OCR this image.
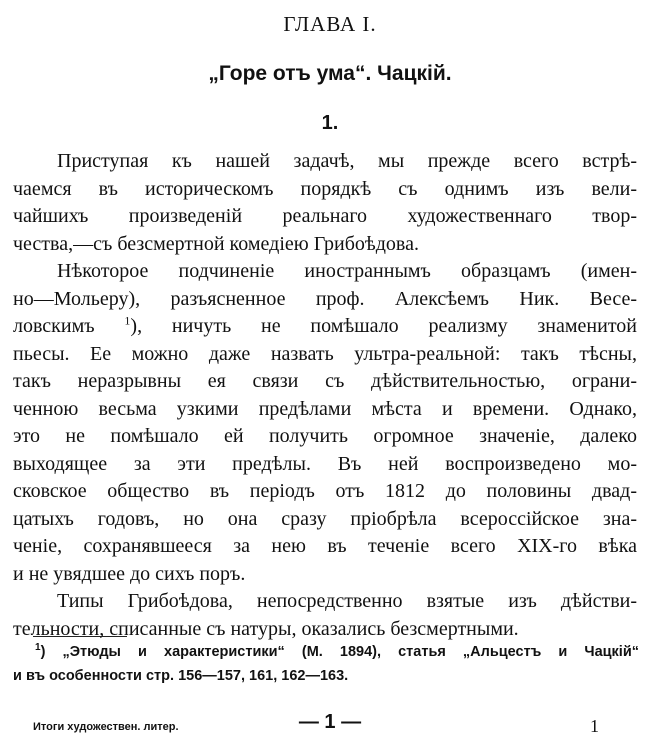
ГЛАВА I.
„Горе отъ ума“. Чацкій.
1.
Приступая къ нашей задачѣ, мы прежде всего встрѣ-
чаемся въ историческомъ порядкѣ съ однимъ изъ вели-
чайшихъ произведеній реальнаго художественнаго твор-
чества,—съ безсмертной комедіею Грибоѣдова.
Нѣкоторое подчиненіе иностраннымъ образцамъ (имен-
но—Мольеру), разъясненное проф. Алексѣемъ Ник. Весе-
ловскимъ $^1$), ничуть не помѣшало реализму знаменитой
пьесы. Ее можно даже назвать ультра-реальной: такъ тѣсны,
такъ неразрывны ея связи съ дѣйствительностью, ограни-
ченною весьма узкими предѣлами мѣста и времени. Однако,
это не помѣшало ей получить огромное значеніе, далеко
выходящее за эти предѣлы. Въ ней воспроизведено мо-
сковское общество въ періодъ отъ 1812 до половины двад-
цатыхъ годовъ, но она сразу пріобрѣла всероссійское зна-
ченіе, сохранявшееся за нею въ теченіе всего XIX-го вѣка
и не увядшее до сихъ поръ.
Типы Грибоѣдова, непосредственно взятые изъ дѣйстви-
тельности, списанные съ натуры, оказались безсмертными.
$^1$) „Этюды и характеристики“ (М. 1894), статья „Альцестъ и Чацкій“
и въ особенности стр. 156—157, 161, 162—163.
Итоги художествен. литер.	— 1 —	1
